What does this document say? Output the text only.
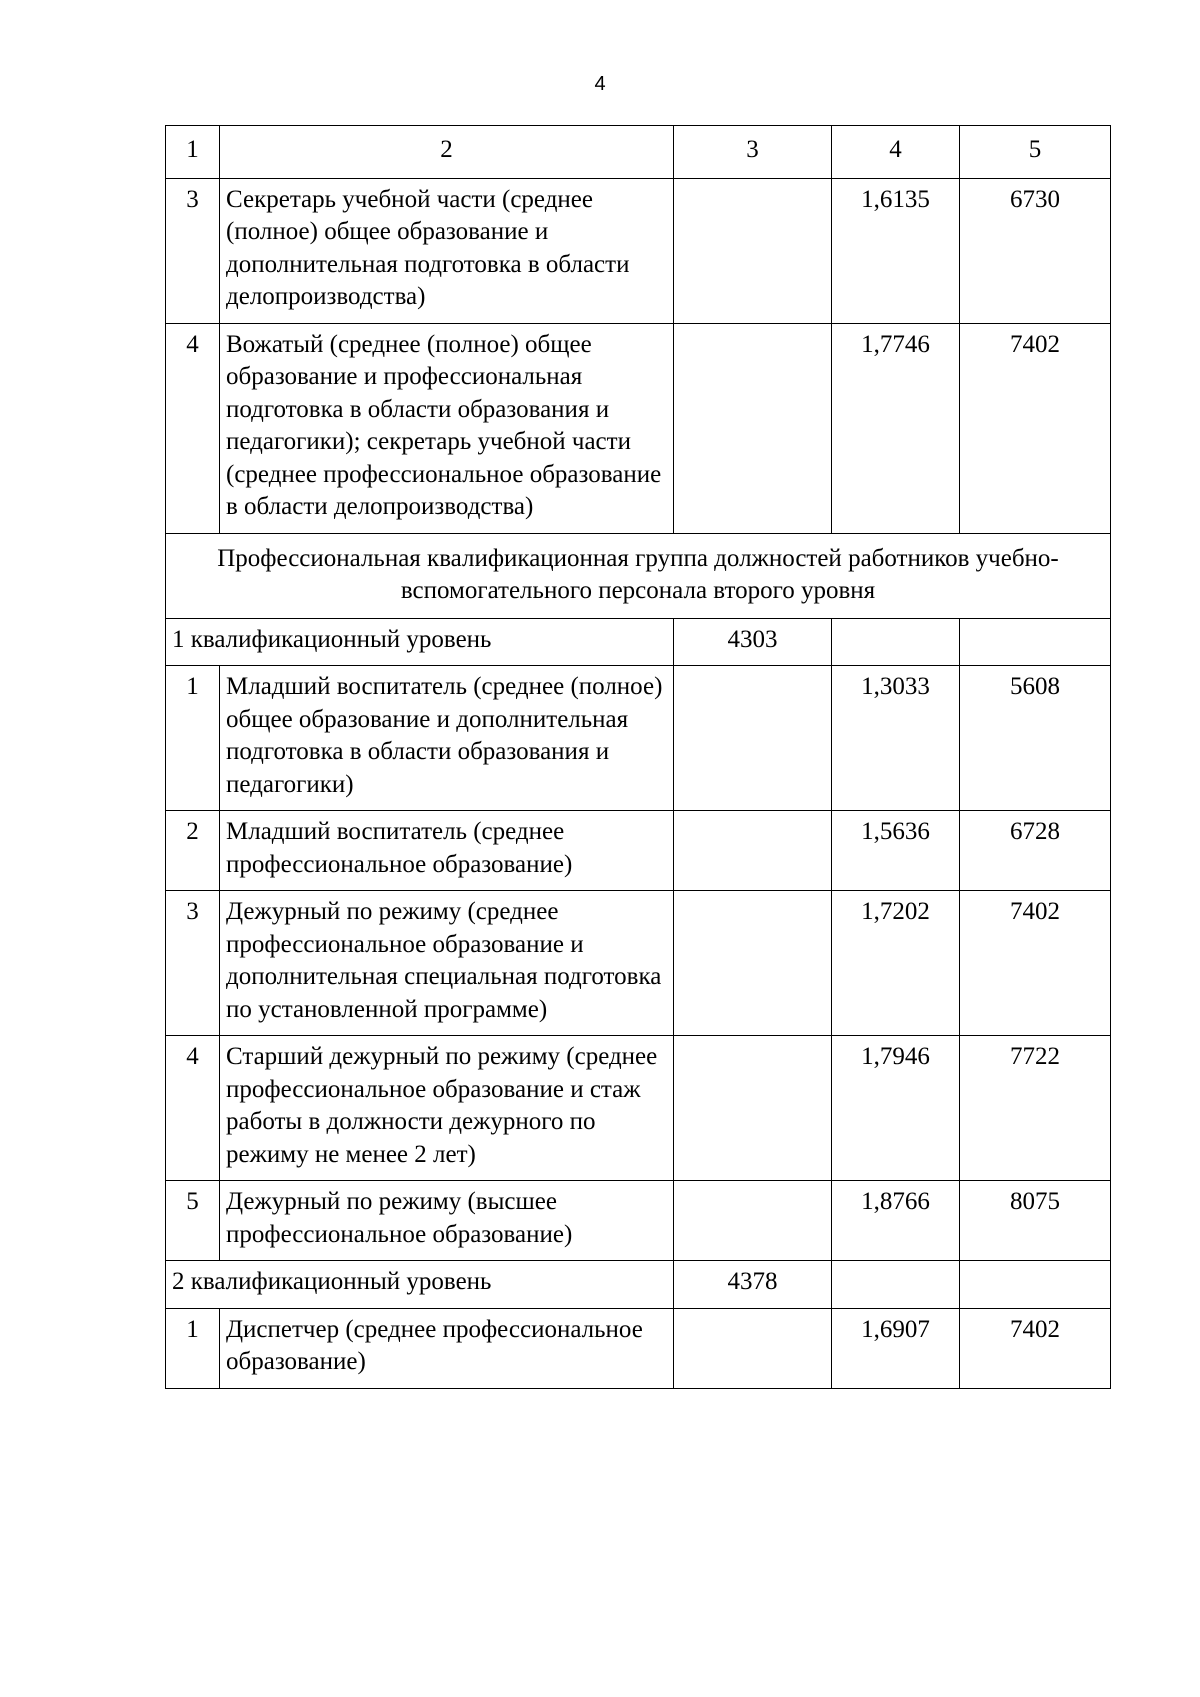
4
1	2	3	4	5
3	Секретарь учебной части (среднее (полное) общее образование и дополнительная подготовка в области делопроизводства)		1,6135	6730
4	Вожатый (среднее (полное) общее образование и профессиональная подготовка в области образования и педагогики); секретарь учебной части (среднее профессиональное образование в области делопроизводства)		1,7746	7402
Профессиональная квалификационная группа должностей работников учебно-вспомогательного персонала второго уровня				
1 квалификационный уровень		4303		
1	Младший воспитатель (среднее (полное) общее образование и дополнительная подготовка в области образования и педагогики)		1,3033	5608
2	Младший воспитатель (среднее профессиональное образование)		1,5636	6728
3	Дежурный по режиму (среднее профессиональное образование и дополнительная специальная подготовка по установленной программе)		1,7202	7402
4	Старший дежурный по режиму (среднее профессиональное образование и стаж работы в должности дежурного по режиму не менее 2 лет)		1,7946	7722
5	Дежурный по режиму (высшее профессиональное образование)		1,8766	8075
2 квалификационный уровень		4378		
1	Диспетчер (среднее профессиональное образование)		1,6907	7402
